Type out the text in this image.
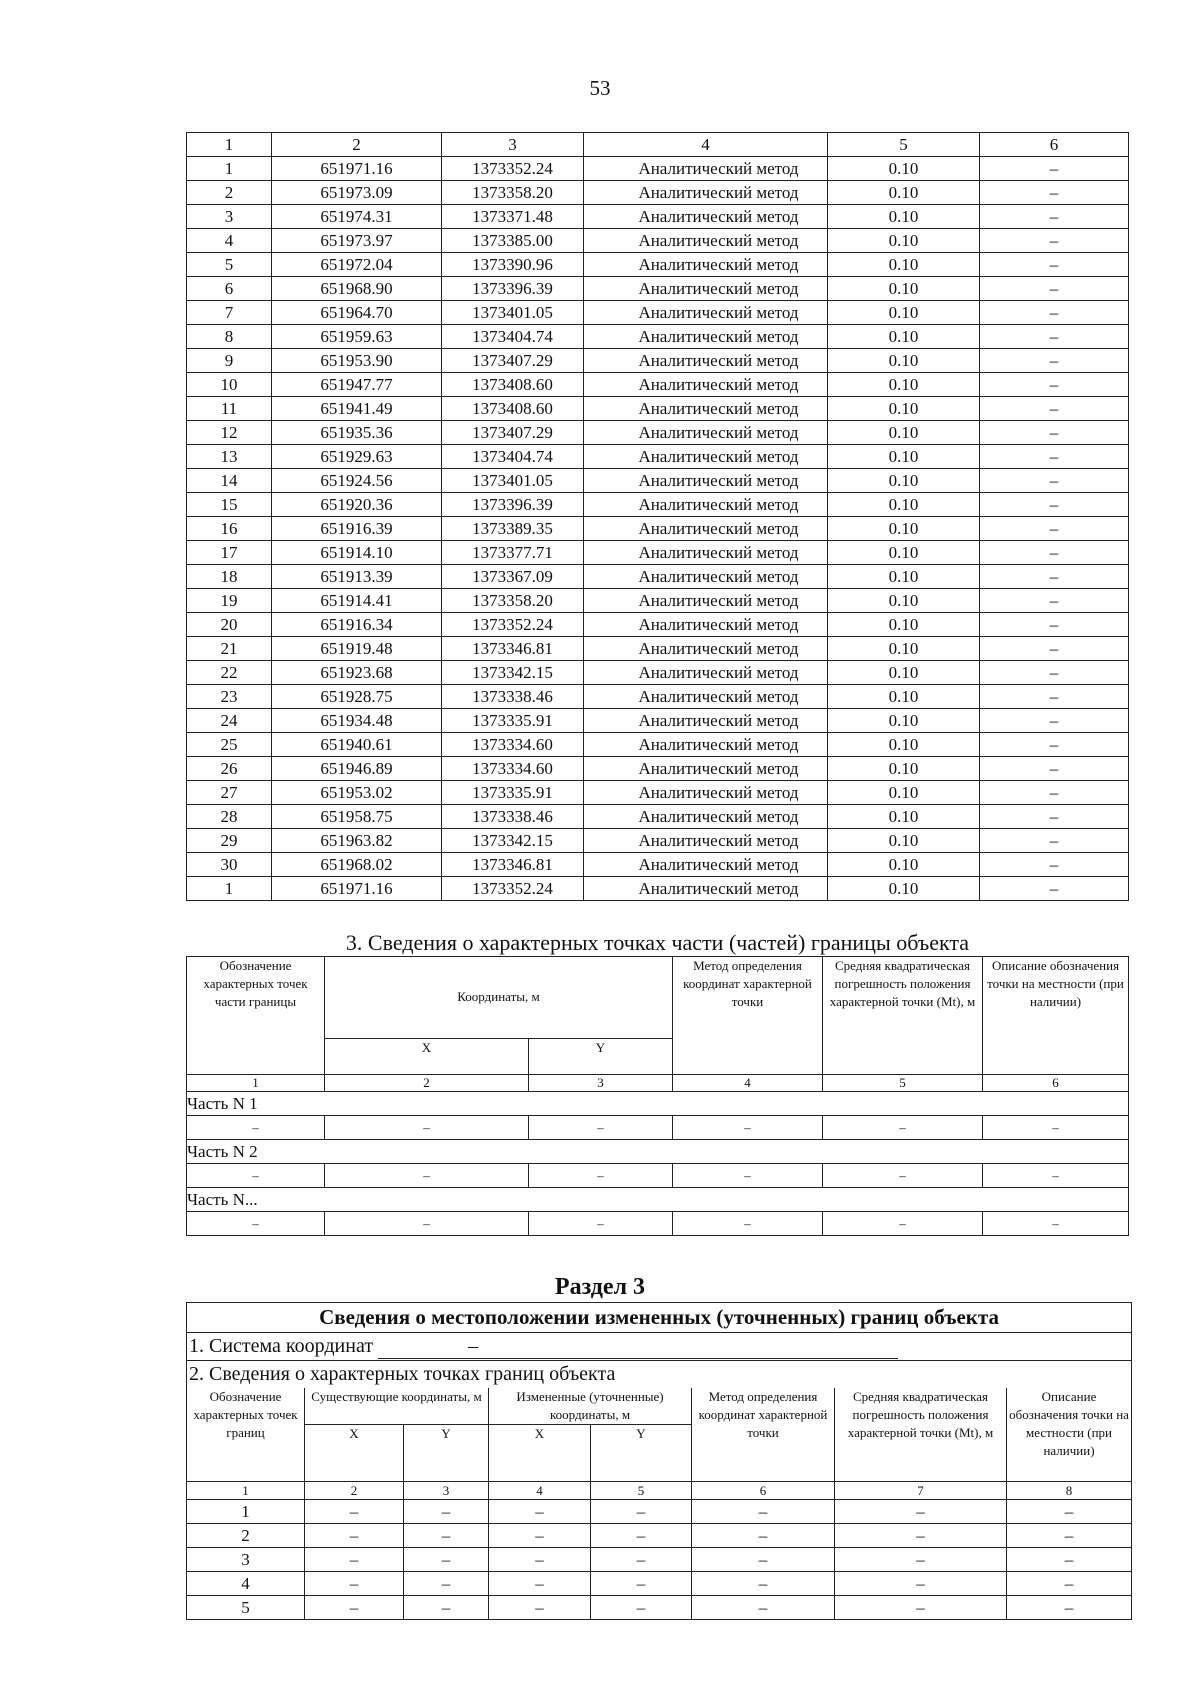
53
1	2	3	4	5	6
1	651971.16	1373352.24	Аналитический метод	0.10	–
2	651973.09	1373358.20	Аналитический метод	0.10	–
3	651974.31	1373371.48	Аналитический метод	0.10	–
4	651973.97	1373385.00	Аналитический метод	0.10	–
5	651972.04	1373390.96	Аналитический метод	0.10	–
6	651968.90	1373396.39	Аналитический метод	0.10	–
7	651964.70	1373401.05	Аналитический метод	0.10	–
8	651959.63	1373404.74	Аналитический метод	0.10	–
9	651953.90	1373407.29	Аналитический метод	0.10	–
10	651947.77	1373408.60	Аналитический метод	0.10	–
11	651941.49	1373408.60	Аналитический метод	0.10	–
12	651935.36	1373407.29	Аналитический метод	0.10	–
13	651929.63	1373404.74	Аналитический метод	0.10	–
14	651924.56	1373401.05	Аналитический метод	0.10	–
15	651920.36	1373396.39	Аналитический метод	0.10	–
16	651916.39	1373389.35	Аналитический метод	0.10	–
17	651914.10	1373377.71	Аналитический метод	0.10	–
18	651913.39	1373367.09	Аналитический метод	0.10	–
19	651914.41	1373358.20	Аналитический метод	0.10	–
20	651916.34	1373352.24	Аналитический метод	0.10	–
21	651919.48	1373346.81	Аналитический метод	0.10	–
22	651923.68	1373342.15	Аналитический метод	0.10	–
23	651928.75	1373338.46	Аналитический метод	0.10	–
24	651934.48	1373335.91	Аналитический метод	0.10	–
25	651940.61	1373334.60	Аналитический метод	0.10	–
26	651946.89	1373334.60	Аналитический метод	0.10	–
27	651953.02	1373335.91	Аналитический метод	0.10	–
28	651958.75	1373338.46	Аналитический метод	0.10	–
29	651963.82	1373342.15	Аналитический метод	0.10	–
30	651968.02	1373346.81	Аналитический метод	0.10	–
1	651971.16	1373352.24	Аналитический метод	0.10	–
3. Сведения о характерных точках части (частей) границы объекта					
Обозначение характерных точек части границы	Координаты, м		Метод определения координат характерной точки	Средняя квадратическая погрешность положения характерной точки (Mt), м	Описание обозначения точки на местности (при наличии)
	X	Y			
1	2	3	4	5	6
Часть N 1					
–	–	–	–	–	–
Часть N 2					
–	–	–	–	–	–
Часть N...					
–	–	–	–	–	–
Раздел 3
Сведения о местоположении измененных (уточненных) границ объекта							
1. Система координат –							
2. Сведения о характерных точках границ объекта							
Обозначение характерных точек границ	Существующие координаты, м		Измененные (уточненные) координаты, м		Метод определения координат характерной точки	Средняя квадратическая погрешность положения характерной точки (Mt), м	Описание обозначения точки на местности (при наличии)
	X	Y	X	Y			
1	2	3	4	5	6	7	8
1	–	–	–	–	–	–	–
2	–	–	–	–	–	–	–
3	–	–	–	–	–	–	–
4	–	–	–	–	–	–	–
5	–	–	–	–	–	–	–
